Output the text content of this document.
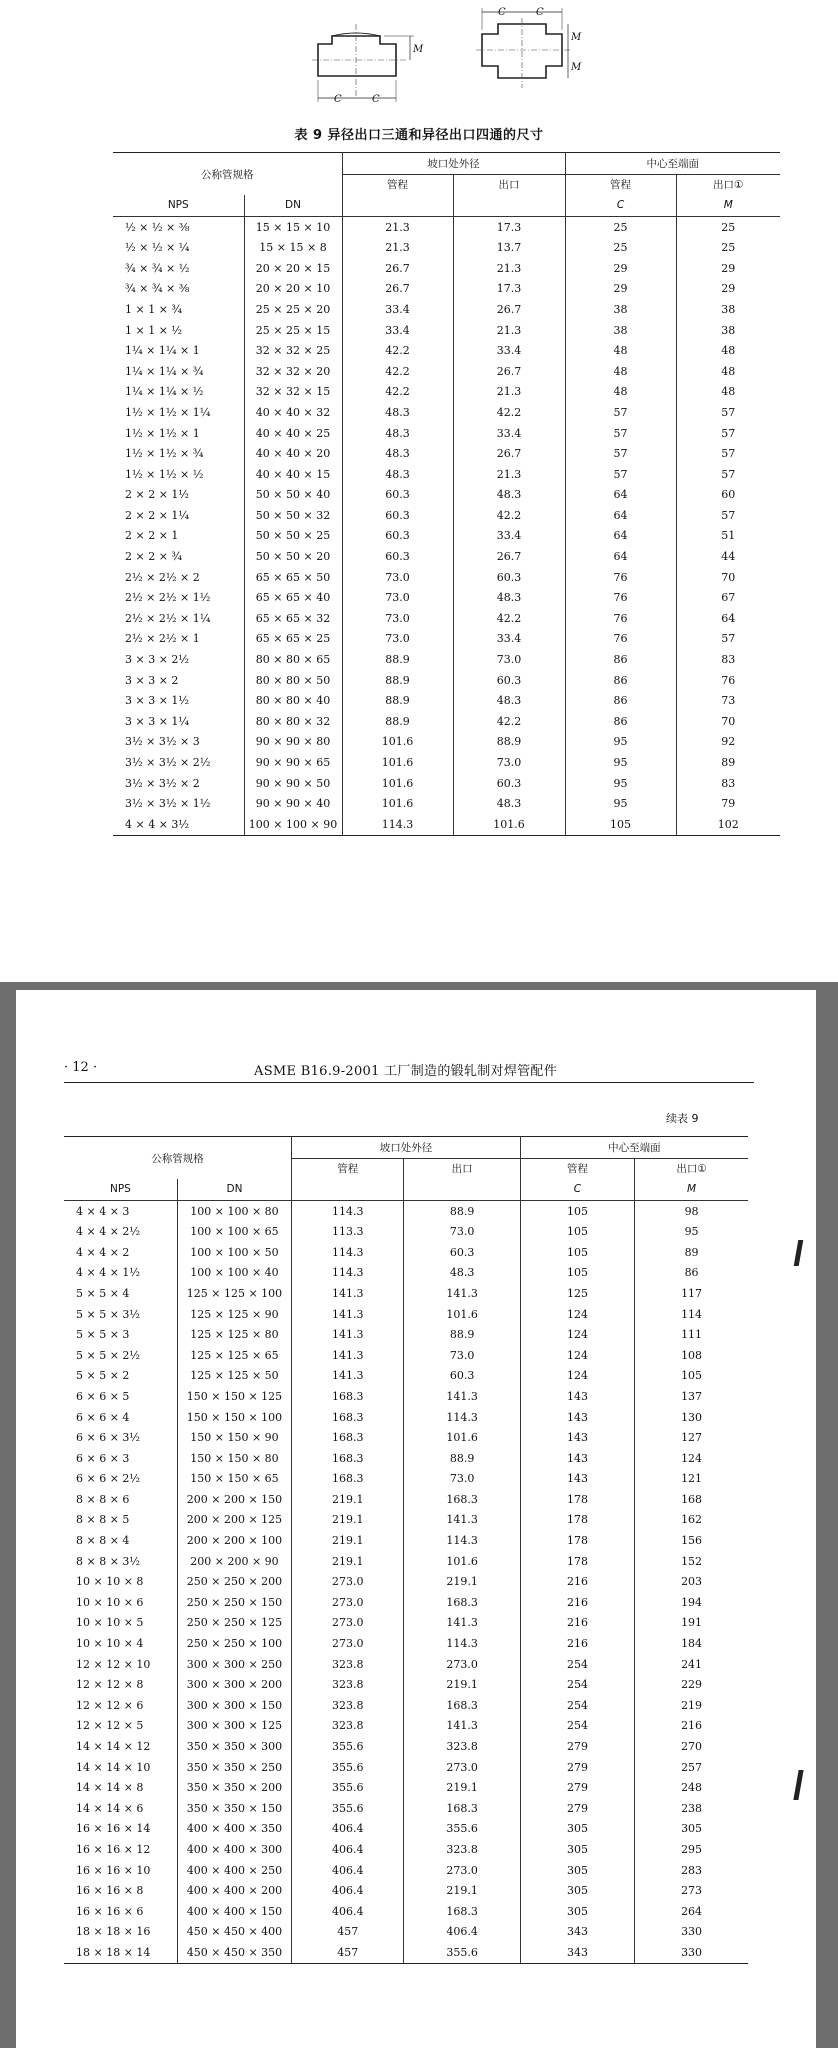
C	C
M
C	C
M
M
表 9 异径出口三通和异径出口四通的尺寸
公称管规格		坡口处外径		中心至端面	
		管程	出口	管程	出口①
NPS	DN			C	M
½ × ½ × ⅜	15 × 15 × 10	21.3	17.3	25	25
½ × ½ × ¼	15 × 15 × 8	21.3	13.7	25	25
¾ × ¾ × ½	20 × 20 × 15	26.7	21.3	29	29
¾ × ¾ × ⅜	20 × 20 × 10	26.7	17.3	29	29
1 × 1 × ¾	25 × 25 × 20	33.4	26.7	38	38
1 × 1 × ½	25 × 25 × 15	33.4	21.3	38	38
1¼ × 1¼ × 1	32 × 32 × 25	42.2	33.4	48	48
1¼ × 1¼ × ¾	32 × 32 × 20	42.2	26.7	48	48
1¼ × 1¼ × ½	32 × 32 × 15	42.2	21.3	48	48
1½ × 1½ × 1¼	40 × 40 × 32	48.3	42.2	57	57
1½ × 1½ × 1	40 × 40 × 25	48.3	33.4	57	57
1½ × 1½ × ¾	40 × 40 × 20	48.3	26.7	57	57
1½ × 1½ × ½	40 × 40 × 15	48.3	21.3	57	57
2 × 2 × 1½	50 × 50 × 40	60.3	48.3	64	60
2 × 2 × 1¼	50 × 50 × 32	60.3	42.2	64	57
2 × 2 × 1	50 × 50 × 25	60.3	33.4	64	51
2 × 2 × ¾	50 × 50 × 20	60.3	26.7	64	44
2½ × 2½ × 2	65 × 65 × 50	73.0	60.3	76	70
2½ × 2½ × 1½	65 × 65 × 40	73.0	48.3	76	67
2½ × 2½ × 1¼	65 × 65 × 32	73.0	42.2	76	64
2½ × 2½ × 1	65 × 65 × 25	73.0	33.4	76	57
3 × 3 × 2½	80 × 80 × 65	88.9	73.0	86	83
3 × 3 × 2	80 × 80 × 50	88.9	60.3	86	76
3 × 3 × 1½	80 × 80 × 40	88.9	48.3	86	73
3 × 3 × 1¼	80 × 80 × 32	88.9	42.2	86	70
3½ × 3½ × 3	90 × 90 × 80	101.6	88.9	95	92
3½ × 3½ × 2½	90 × 90 × 65	101.6	73.0	95	89
3½ × 3½ × 2	90 × 90 × 50	101.6	60.3	95	83
3½ × 3½ × 1½	90 × 90 × 40	101.6	48.3	95	79
4 × 4 × 3½	100 × 100 × 90	114.3	101.6	105	102
· 12 ·	ASME B16.9-2001 工厂制造的锻轧制对焊管配件
续表 9
公称管规格		坡口处外径		中心至端面	
		管程	出口	管程	出口①
NPS	DN			C	M
4 × 4 × 3	100 × 100 × 80	114.3	88.9	105	98
4 × 4 × 2½	100 × 100 × 65	113.3	73.0	105	95
4 × 4 × 2	100 × 100 × 50	114.3	60.3	105	89
4 × 4 × 1½	100 × 100 × 40	114.3	48.3	105	86
5 × 5 × 4	125 × 125 × 100	141.3	141.3	125	117
5 × 5 × 3½	125 × 125 × 90	141.3	101.6	124	114
5 × 5 × 3	125 × 125 × 80	141.3	88.9	124	111
5 × 5 × 2½	125 × 125 × 65	141.3	73.0	124	108
5 × 5 × 2	125 × 125 × 50	141.3	60.3	124	105
6 × 6 × 5	150 × 150 × 125	168.3	141.3	143	137
6 × 6 × 4	150 × 150 × 100	168.3	114.3	143	130
6 × 6 × 3½	150 × 150 × 90	168.3	101.6	143	127
6 × 6 × 3	150 × 150 × 80	168.3	88.9	143	124
6 × 6 × 2½	150 × 150 × 65	168.3	73.0	143	121
8 × 8 × 6	200 × 200 × 150	219.1	168.3	178	168
8 × 8 × 5	200 × 200 × 125	219.1	141.3	178	162
8 × 8 × 4	200 × 200 × 100	219.1	114.3	178	156
8 × 8 × 3½	200 × 200 × 90	219.1	101.6	178	152
10 × 10 × 8	250 × 250 × 200	273.0	219.1	216	203
10 × 10 × 6	250 × 250 × 150	273.0	168.3	216	194
10 × 10 × 5	250 × 250 × 125	273.0	141.3	216	191
10 × 10 × 4	250 × 250 × 100	273.0	114.3	216	184
12 × 12 × 10	300 × 300 × 250	323.8	273.0	254	241
12 × 12 × 8	300 × 300 × 200	323.8	219.1	254	229
12 × 12 × 6	300 × 300 × 150	323.8	168.3	254	219
12 × 12 × 5	300 × 300 × 125	323.8	141.3	254	216
14 × 14 × 12	350 × 350 × 300	355.6	323.8	279	270
14 × 14 × 10	350 × 350 × 250	355.6	273.0	279	257
14 × 14 × 8	350 × 350 × 200	355.6	219.1	279	248
14 × 14 × 6	350 × 350 × 150	355.6	168.3	279	238
16 × 16 × 14	400 × 400 × 350	406.4	355.6	305	305
16 × 16 × 12	400 × 400 × 300	406.4	323.8	305	295
16 × 16 × 10	400 × 400 × 250	406.4	273.0	305	283
16 × 16 × 8	400 × 400 × 200	406.4	219.1	305	273
16 × 16 × 6	400 × 400 × 150	406.4	168.3	305	264
18 × 18 × 16	450 × 450 × 400	457	406.4	343	330
18 × 18 × 14	450 × 450 × 350	457	355.6	343	330
